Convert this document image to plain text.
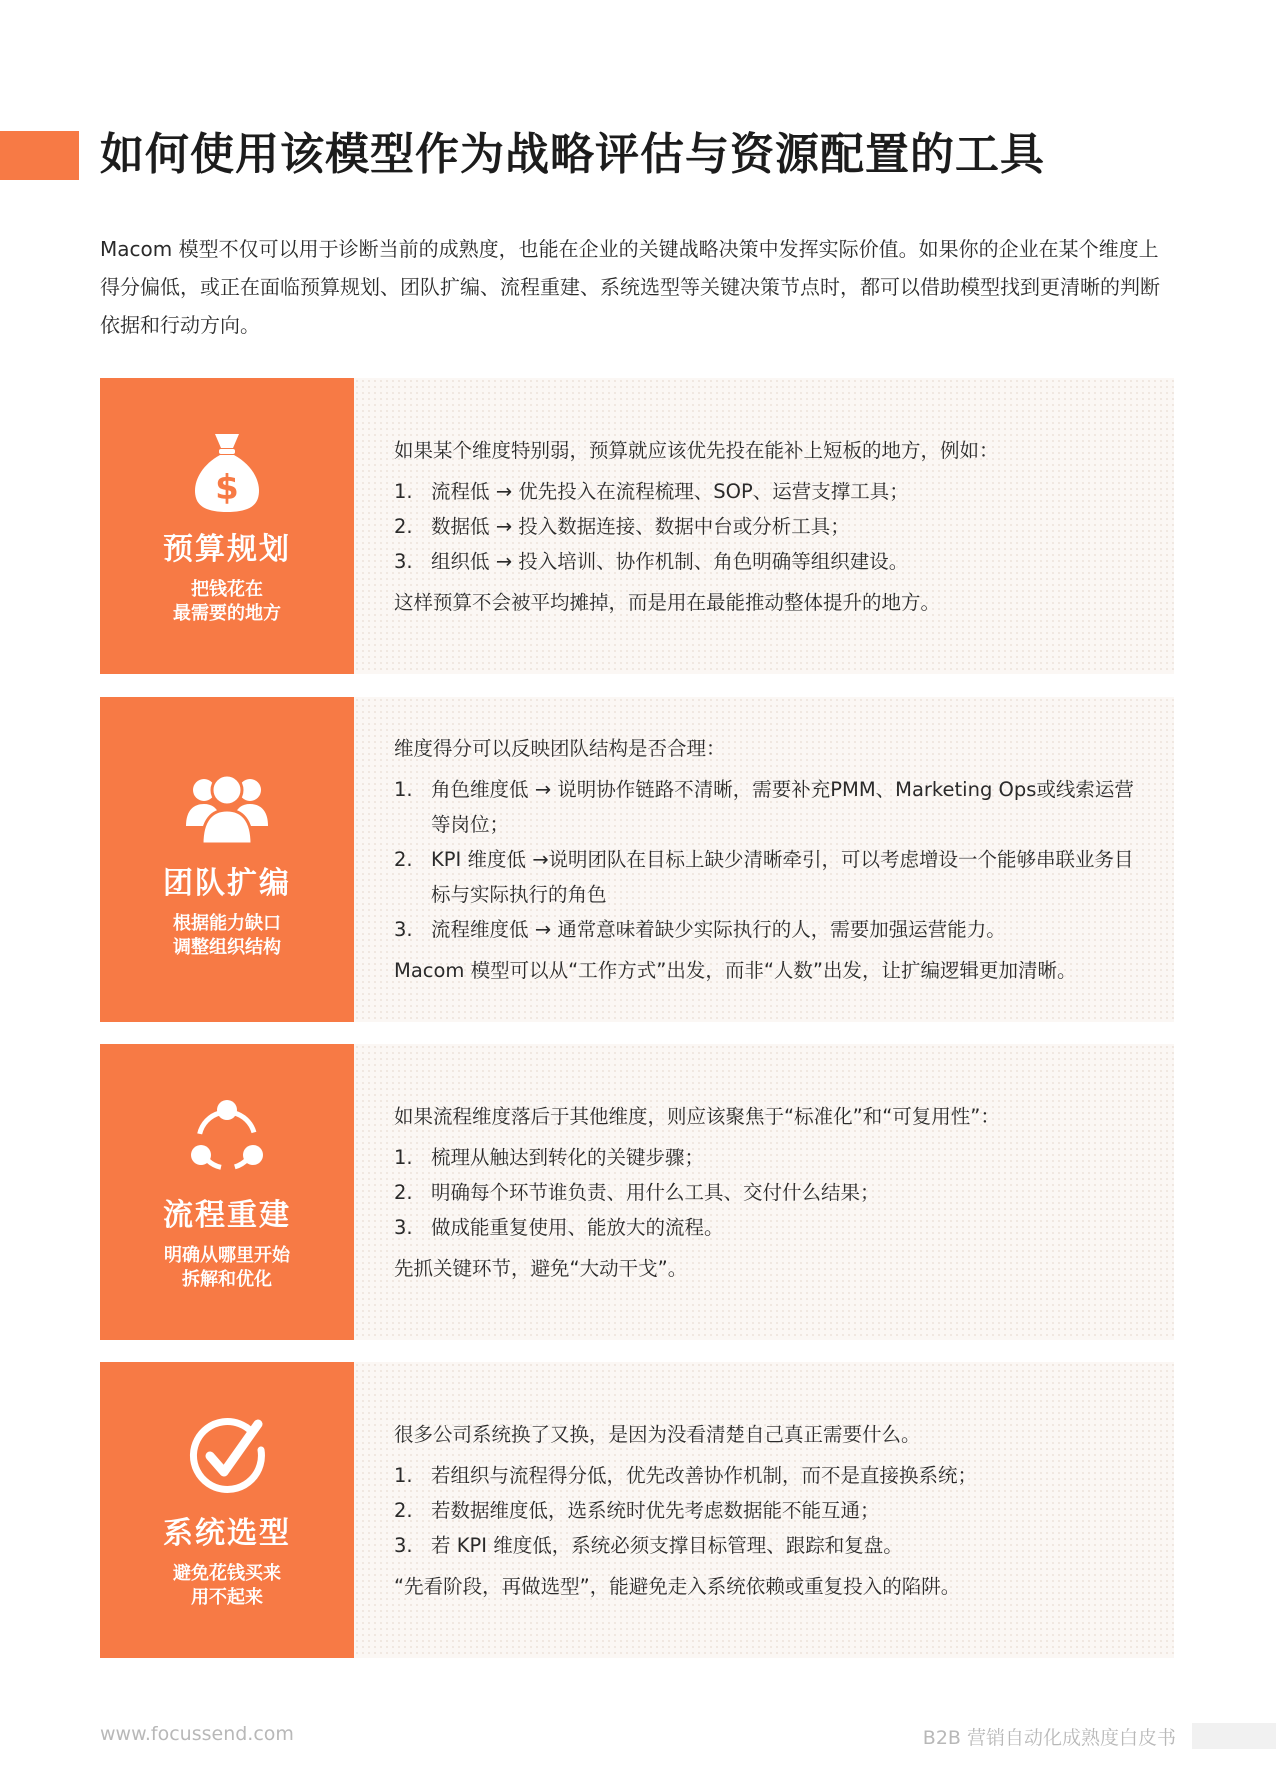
如何使用该模型作为战略评估与资源配置的工具
Macom 模型不仅可以用于诊断当前的成熟度，也能在企业的关键战略决策中发挥实际价值。如果你的企业在某个维度上得分偏低，或正在面临预算规划、团队扩编、流程重建、系统选型等关键决策节点时，都可以借助模型找到更清晰的判断依据和行动方向。
$
预算规划
把钱花在
最需要的地方
如果某个维度特别弱，预算就应该优先投在能补上短板的地方，例如：
1. 流程低 → 优先投入在流程梳理、SOP、运营支撑工具；
2. 数据低 → 投入数据连接、数据中台或分析工具；
3. 组织低 → 投入培训、协作机制、角色明确等组织建设。
这样预算不会被平均摊掉，而是用在最能推动整体提升的地方。
团队扩编
根据能力缺口
调整组织结构
维度得分可以反映团队结构是否合理：
1. 角色维度低 → 说明协作链路不清晰，需要补充PMM、Marketing Ops或线索运营等岗位；
2. KPI 维度低 →说明团队在目标上缺少清晰牵引，可以考虑增设一个能够串联业务目标与实际执行的角色
3. 流程维度低 → 通常意味着缺少实际执行的人，需要加强运营能力。
Macom 模型可以从“工作方式”出发，而非“人数”出发，让扩编逻辑更加清晰。
流程重建
明确从哪里开始
拆解和优化
如果流程维度落后于其他维度，则应该聚焦于“标准化”和“可复用性”：
1. 梳理从触达到转化的关键步骤；
2. 明确每个环节谁负责、用什么工具、交付什么结果；
3. 做成能重复使用、能放大的流程。
先抓关键环节，避免“大动干戈”。
系统选型
避免花钱买来
用不起来
很多公司系统换了又换，是因为没看清楚自己真正需要什么。
1. 若组织与流程得分低，优先改善协作机制，而不是直接换系统；
2. 若数据维度低，选系统时优先考虑数据能不能互通；
3. 若 KPI 维度低，系统必须支撑目标管理、跟踪和复盘。
“先看阶段，再做选型”，能避免走入系统依赖或重复投入的陷阱。
www.focussend.com	B2B 营销自动化成熟度白皮书
